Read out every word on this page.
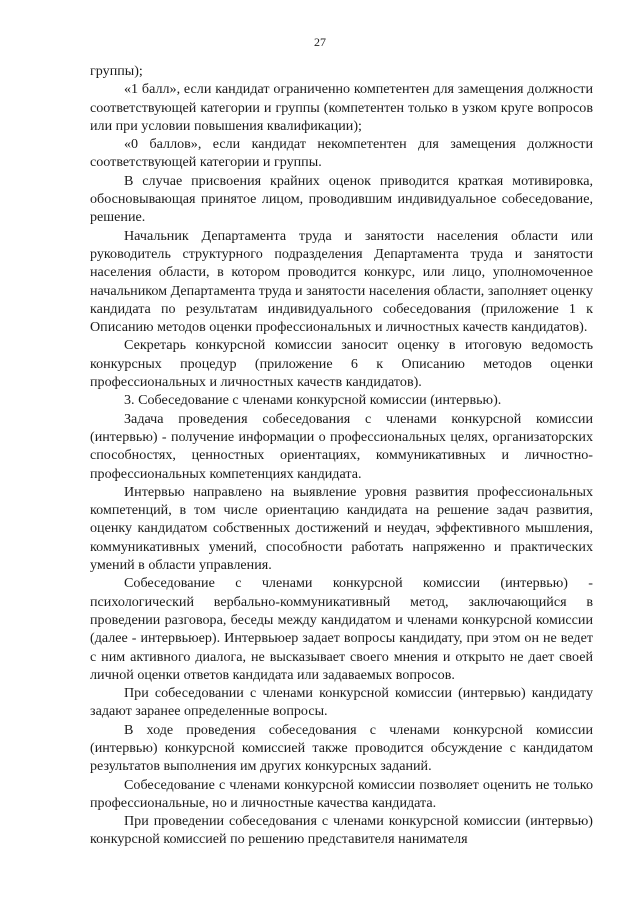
27

группы);

«1 балл», если кандидат ограниченно компетентен для замещения должности соответствующей категории и группы (компетентен только в узком круге вопросов или при условии повышения квалификации);

«0 баллов», если кандидат некомпетентен для замещения должности соответствующей категории и группы.

В случае присвоения крайних оценок приводится краткая мотивировка, обосновывающая принятое лицом, проводившим индивидуальное собеседование, решение.

Начальник Департамента труда и занятости населения области или руководитель структурного подразделения Департамента труда и занятости населения области, в котором проводится конкурс, или лицо, уполномоченное начальником Департамента труда и занятости населения области, заполняет оценку кандидата по результатам индивидуального собеседования (приложение 1 к Описанию методов оценки профессиональных и личностных качеств кандидатов).

Секретарь конкурсной комиссии заносит оценку в итоговую ведомость конкурсных процедур (приложение 6 к Описанию методов оценки профессиональных и личностных качеств кандидатов).

3. Собеседование с членами конкурсной комиссии (интервью).

Задача проведения собеседования с членами конкурсной комиссии (интервью) - получение информации о профессиональных целях, организаторских способностях, ценностных ориентациях, коммуникативных и личностно-профессиональных компетенциях кандидата.

Интервью направлено на выявление уровня развития профессиональных компетенций, в том числе ориентацию кандидата на решение задач развития, оценку кандидатом собственных достижений и неудач, эффективного мышления, коммуникативных умений, способности работать напряженно и практических умений в области управления.

Собеседование с членами конкурсной комиссии (интервью) - психологический вербально-коммуникативный метод, заключающийся в проведении разговора, беседы между кандидатом и членами конкурсной комиссии (далее - интервьюер). Интервьюер задает вопросы кандидату, при этом он не ведет с ним активного диалога, не высказывает своего мнения и открыто не дает своей личной оценки ответов кандидата или задаваемых вопросов.

При собеседовании с членами конкурсной комиссии (интервью) кандидату задают заранее определенные вопросы.

В ходе проведения собеседования с членами конкурсной комиссии (интервью) конкурсной комиссией также проводится обсуждение с кандидатом результатов выполнения им других конкурсных заданий.

Собеседование с членами конкурсной комиссии позволяет оценить не только профессиональные, но и личностные качества кандидата.

При проведении собеседования с членами конкурсной комиссии (интервью) конкурсной комиссией по решению представителя нанимателя
